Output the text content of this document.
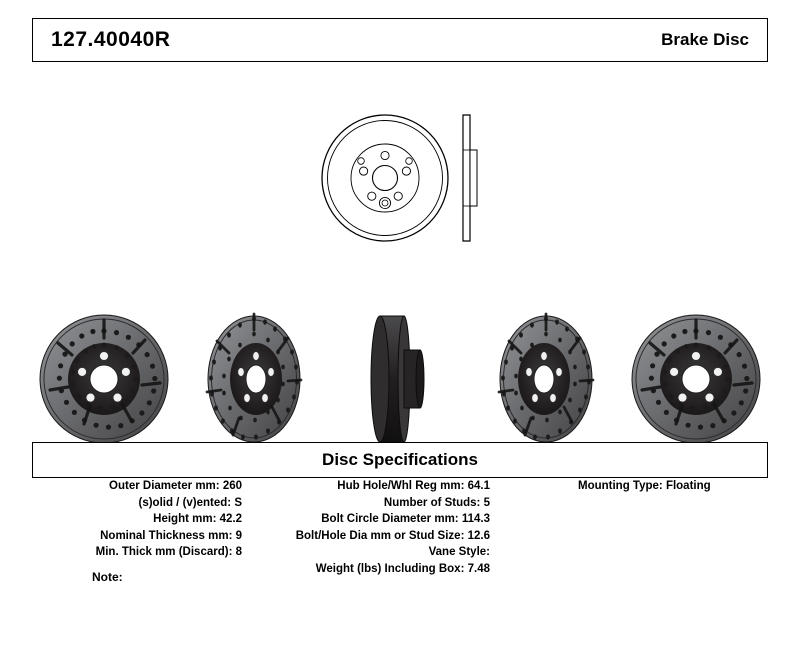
127.40040R	Brake Disc
Disc Specifications
Outer Diameter mm: 260
(s)olid / (v)ented: S
Height mm: 42.2
Nominal Thickness mm: 9
Min. Thick mm (Discard): 8
Hub Hole/Whl Reg mm: 64.1
Number of Studs: 5
Bolt Circle Diameter mm: 114.3
Bolt/Hole Dia mm or Stud Size: 12.6
Vane Style:
Weight (lbs) Including Box: 7.48
Mounting Type: Floating
Note:
